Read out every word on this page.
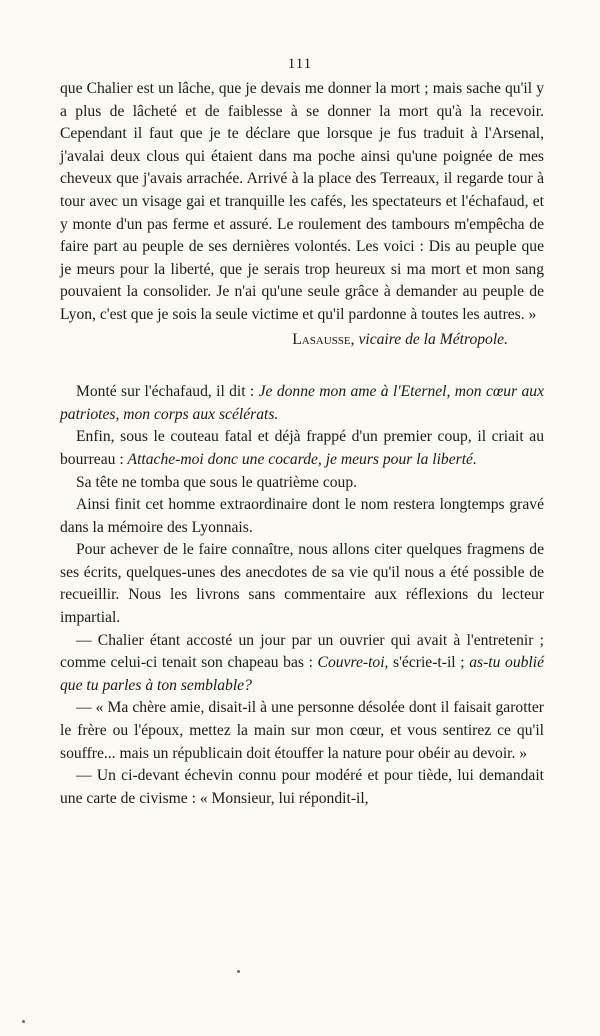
111

que Chalier est un lâche, que je devais me donner la mort ; mais sache qu'il y a plus de lâcheté et de faiblesse à se donner la mort qu'à la recevoir. Cependant il faut que je te déclare que lorsque je fus traduit à l'Arsenal, j'avalai deux clous qui étaient dans ma poche ainsi qu'une poignée de mes cheveux que j'avais arrachée. Arrivé à la place des Terreaux, il regarde tour à tour avec un visage gai et tranquille les cafés, les spectateurs et l'échafaud, et y monte d'un pas ferme et assuré. Le roulement des tambours m'empêcha de faire part au peuple de ses dernières volontés. Les voici : Dis au peuple que je meurs pour la liberté, que je serais trop heureux si ma mort et mon sang pouvaient la consolider. Je n'ai qu'une seule grâce à demander au peuple de Lyon, c'est que je sois la seule victime et qu'il pardonne à toutes les autres. »

Lasausse, vicaire de la Métropole.

Monté sur l'échafaud, il dit : Je donne mon ame à l'Eternel, mon cœur aux patriotes, mon corps aux scélérats.

Enfin, sous le couteau fatal et déjà frappé d'un premier coup, il criait au bourreau : Attache-moi donc une cocarde, je meurs pour la liberté.

Sa tête ne tomba que sous le quatrième coup.

Ainsi finit cet homme extraordinaire dont le nom restera longtemps gravé dans la mémoire des Lyonnais.

Pour achever de le faire connaître, nous allons citer quelques fragmens de ses écrits, quelques-unes des anecdotes de sa vie qu'il nous a été possible de recueillir. Nous les livrons sans commentaire aux réflexions du lecteur impartial.

— Chalier étant accosté un jour par un ouvrier qui avait à l'entretenir ; comme celui-ci tenait son chapeau bas : Couvre-toi, s'écrie-t-il ; as-tu oublié que tu parles à ton semblable?

— « Ma chère amie, disait-il à une personne désolée dont il faisait garotter le frère ou l'époux, mettez la main sur mon cœur, et vous sentirez ce qu'il souffre... mais un républicain doit étouffer la nature pour obéir au devoir. »

— Un ci-devant échevin connu pour modéré et pour tiède, lui demandait une carte de civisme : « Monsieur, lui répondit-il,
